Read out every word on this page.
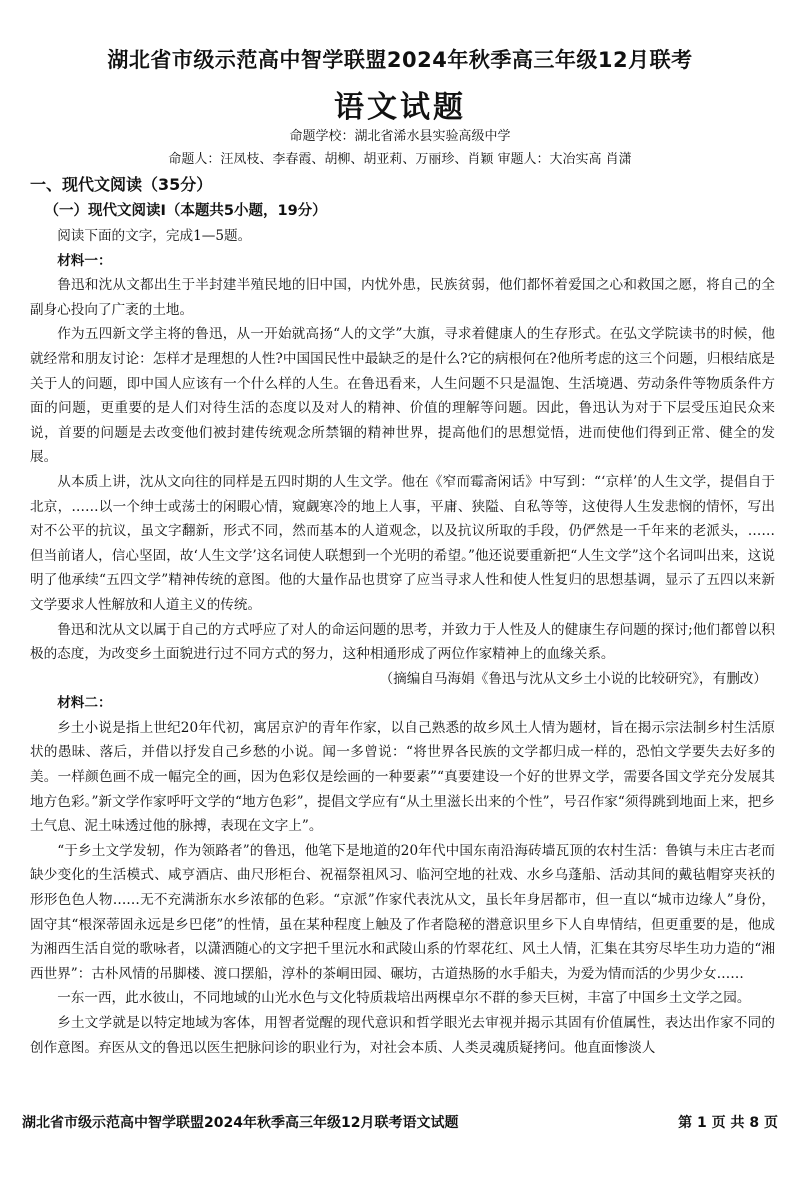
湖北省市级示范高中智学联盟2024年秋季高三年级12月联考
语文试题
命题学校：湖北省浠水县实验高级中学
命题人：汪凤枝、李春霞、胡柳、胡亚莉、万丽珍、肖颖 审题人：大冶实高 肖潇

一、现代文阅读（35分）

（一）现代文阅读Ⅰ（本题共5小题，19分）

阅读下面的文字，完成1—5题。

材料一：

鲁迅和沈从文都出生于半封建半殖民地的旧中国，内忧外患，民族贫弱，他们都怀着爱国之心和救国之愿，将自己的全副身心投向了广袤的土地。

作为五四新文学主将的鲁迅，从一开始就高扬“人的文学”大旗，寻求着健康人的生存形式。在弘文学院读书的时候，他就经常和朋友讨论：怎样才是理想的人性?中国国民性中最缺乏的是什么?它的病根何在?他所考虑的这三个问题，归根结底是关于人的问题，即中国人应该有一个什么样的人生。在鲁迅看来，人生问题不只是温饱、生活境遇、劳动条件等物质条件方面的问题，更重要的是人们对待生活的态度以及对人的精神、价值的理解等问题。因此，鲁迅认为对于下层受压迫民众来说，首要的问题是去改变他们被封建传统观念所禁锢的精神世界，提高他们的思想觉悟，进而使他们得到正常、健全的发展。

从本质上讲，沈从文向往的同样是五四时期的人生文学。他在《窄而霉斋闲话》中写到：“‘京样’的人生文学，提倡自于北京，……以一个绅士或荡士的闲暇心情，窥觑寒冷的地上人事，平庸、狭隘、自私等等，这使得人生发悲悯的情怀，写出对不公平的抗议，虽文字翻新，形式不同，然而基本的人道观念，以及抗议所取的手段，仍俨然是一千年来的老派头，……但当前诸人，信心坚固，故‘人生文学’这名词使人联想到一个光明的希望。”他还说要重新把“人生文学”这个名词叫出来，这说明了他承续“五四文学”精神传统的意图。他的大量作品也贯穿了应当寻求人性和使人性复归的思想基调，显示了五四以来新文学要求人性解放和人道主义的传统。

鲁迅和沈从文以属于自己的方式呼应了对人的命运问题的思考，并致力于人性及人的健康生存问题的探讨;他们都曾以积极的态度，为改变乡土面貌进行过不同方式的努力，这种相通形成了两位作家精神上的血缘关系。

（摘编自马海娟《鲁迅与沈从文乡土小说的比较研究》，有删改）

材料二：

乡土小说是指上世纪20年代初，寓居京沪的青年作家，以自己熟悉的故乡风土人情为题材，旨在揭示宗法制乡村生活原状的愚昧、落后，并借以抒发自己乡愁的小说。闻一多曾说：“将世界各民族的文学都归成一样的，恐怕文学要失去好多的美。一样颜色画不成一幅完全的画，因为色彩仅是绘画的一种要素”“真要建设一个好的世界文学，需要各国文学充分发展其地方色彩。”新文学作家呼吁文学的“地方色彩”，提倡文学应有“从土里滋长出来的个性”，号召作家“须得跳到地面上来，把乡土气息、泥土味透过他的脉搏，表现在文字上”。

“于乡土文学发轫，作为领路者”的鲁迅，他笔下是地道的20年代中国东南沿海砖墙瓦顶的农村生活：鲁镇与未庄古老而缺少变化的生活模式、咸亨酒店、曲尺形柜台、祝福祭祖风习、临河空地的社戏、水乡乌蓬船、活动其间的戴毡帽穿夹袄的形形色色人物……无不充满浙东水乡浓郁的色彩。“京派”作家代表沈从文，虽长年身居都市，但一直以“城市边缘人”身份，固守其“根深蒂固永远是乡巴佬”的性情，虽在某种程度上触及了作者隐秘的潜意识里乡下人自卑情结，但更重要的是，他成为湘西生活自觉的歌咏者，以潇洒随心的文字把千里沅水和武陵山系的竹翠花红、风土人情，汇集在其穷尽毕生功力造的“湘西世界”：古朴风情的吊脚楼、渡口摆船，淳朴的茶峒田园、碾坊，古道热肠的水手船夫，为爱为情而活的少男少女……

一东一西，此水彼山，不同地域的山光水色与文化特质栽培出两棵卓尔不群的参天巨树，丰富了中国乡土文学之园。

乡土文学就是以特定地域为客体，用智者觉醒的现代意识和哲学眼光去审视并揭示其固有价值属性，表达出作家不同的创作意图。弃医从文的鲁迅以医生把脉问诊的职业行为，对社会本质、人类灵魂质疑拷问。他直面惨淡人

湖北省市级示范高中智学联盟2024年秋季高三年级12月联考语文试题	第 1 页 共 8 页
